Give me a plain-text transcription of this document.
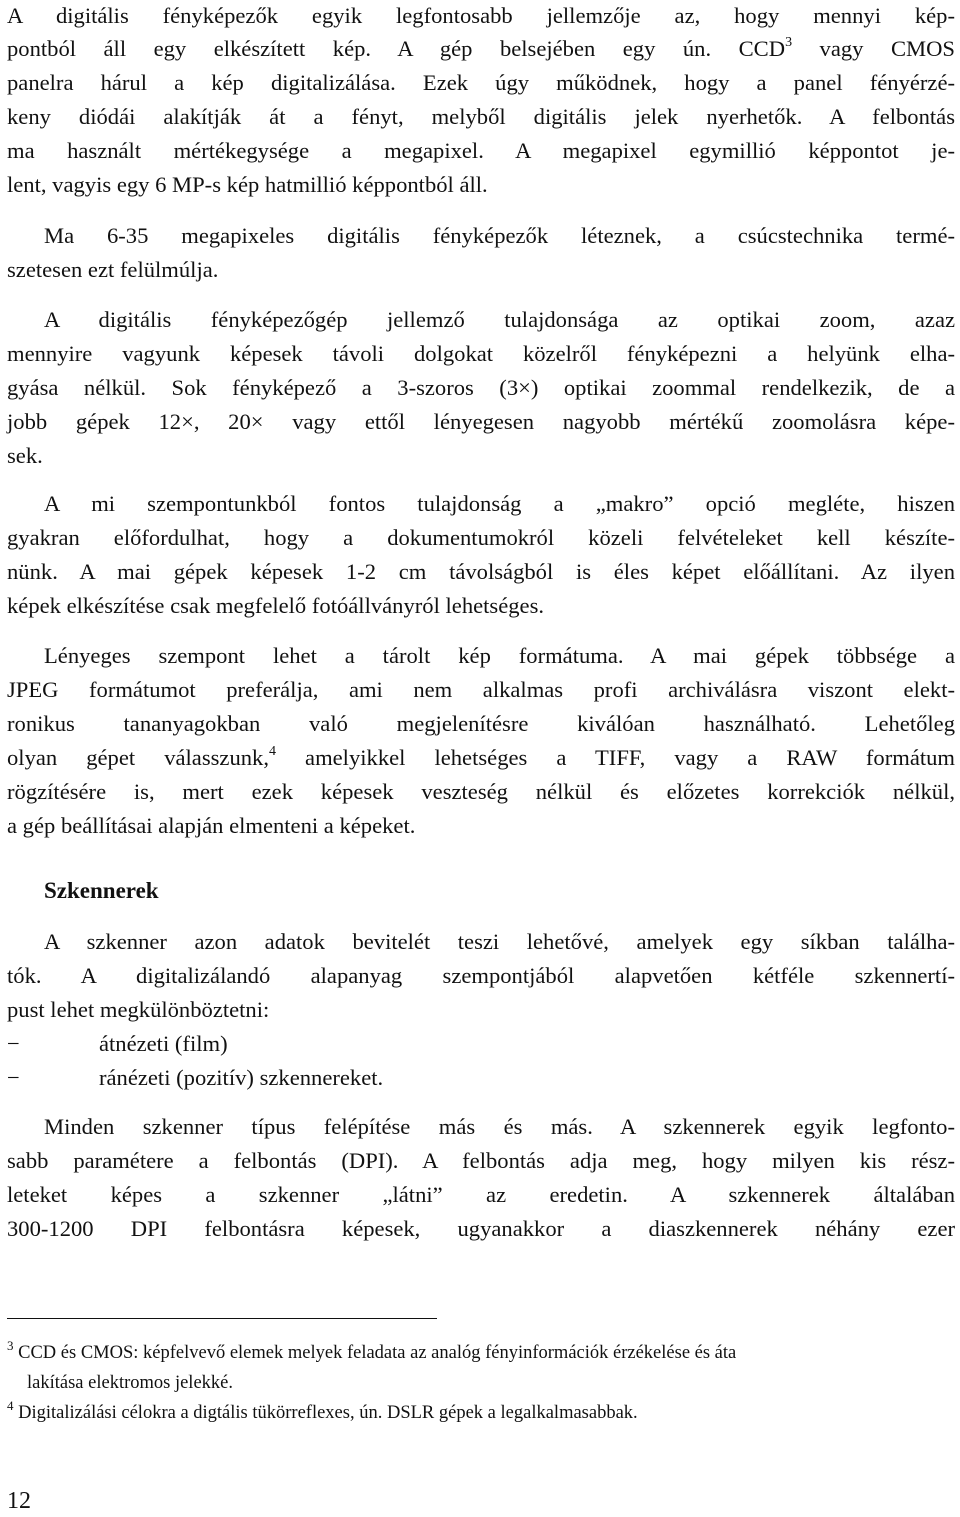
A digitális fényképezők egyik legfontosabb jellemzője az, hogy mennyi kép-
pontból áll egy elkészített kép. A gép belsejében egy ún. CCD$^3$ vagy CMOS
panelra hárul a kép digitalizálása. Ezek úgy működnek, hogy a panel fényérzé-
keny diódái alakítják át a fényt, melyből digitális jelek nyerhetők. A felbontás
ma használt mértékegysége a megapixel. A megapixel egymillió képpontot je-
lent, vagyis egy 6 MP-s kép hatmillió képpontból áll.
Ma 6-35 megapixeles digitális fényképezők léteznek, a csúcstechnika termé-
szetesen ezt felülmúlja.
A digitális fényképezőgép jellemző tulajdonsága az optikai zoom, azaz
mennyire vagyunk képesek távoli dolgokat közelről fényképezni a helyünk elha-
gyása nélkül. Sok fényképező a 3-szoros (3×) optikai zoommal rendelkezik, de a
jobb gépek 12×, 20× vagy ettől lényegesen nagyobb mértékű zoomolásra képe-
sek.
A mi szempontunkból fontos tulajdonság a „makro” opció megléte, hiszen
gyakran előfordulhat, hogy a dokumentumokról közeli felvételeket kell készíte-
nünk. A mai gépek képesek 1-2 cm távolságból is éles képet előállítani. Az ilyen
képek elkészítése csak megfelelő fotóállványról lehetséges.
Lényeges szempont lehet a tárolt kép formátuma. A mai gépek többsége a
JPEG formátumot preferálja, ami nem alkalmas profi archiválásra viszont elekt-
ronikus tananyagokban való megjelenítésre kiválóan használható. Lehetőleg
olyan gépet válasszunk,$^4$ amelyikkel lehetséges a TIFF, vagy a RAW formátum
rögzítésére is, mert ezek képesek veszteség nélkül és előzetes korrekciók nélkül,
a gép beállításai alapján elmenteni a képeket.
Szkennerek
A szkenner azon adatok bevitelét teszi lehetővé, amelyek egy síkban találha-
tók. A digitalizálandó alapanyag szempontjából alapvetően kétféle szkennertí-
pust lehet megkülönböztetni:
−	átnézeti (film)
−	ránézeti (pozitív) szkennereket.
Minden szkenner típus felépítése más és más. A szkennerek egyik legfonto-
sabb paramétere a felbontás (DPI). A felbontás adja meg, hogy milyen kis rész-
leteket képes a szkenner „látni” az eredetin. A szkennerek általában
300-1200 DPI felbontásra képesek, ugyanakkor a diaszkennerek néhány ezer
$^3$ CCD és CMOS: képfelvevő elemek melyek feladata az analóg fényinformációk érzékelése és áta
lakítása elektromos jelekké.
$^4$ Digitalizálási célokra a digtális tükörreflexes, ún. DSLR gépek a legalkalmasabbak.
12
